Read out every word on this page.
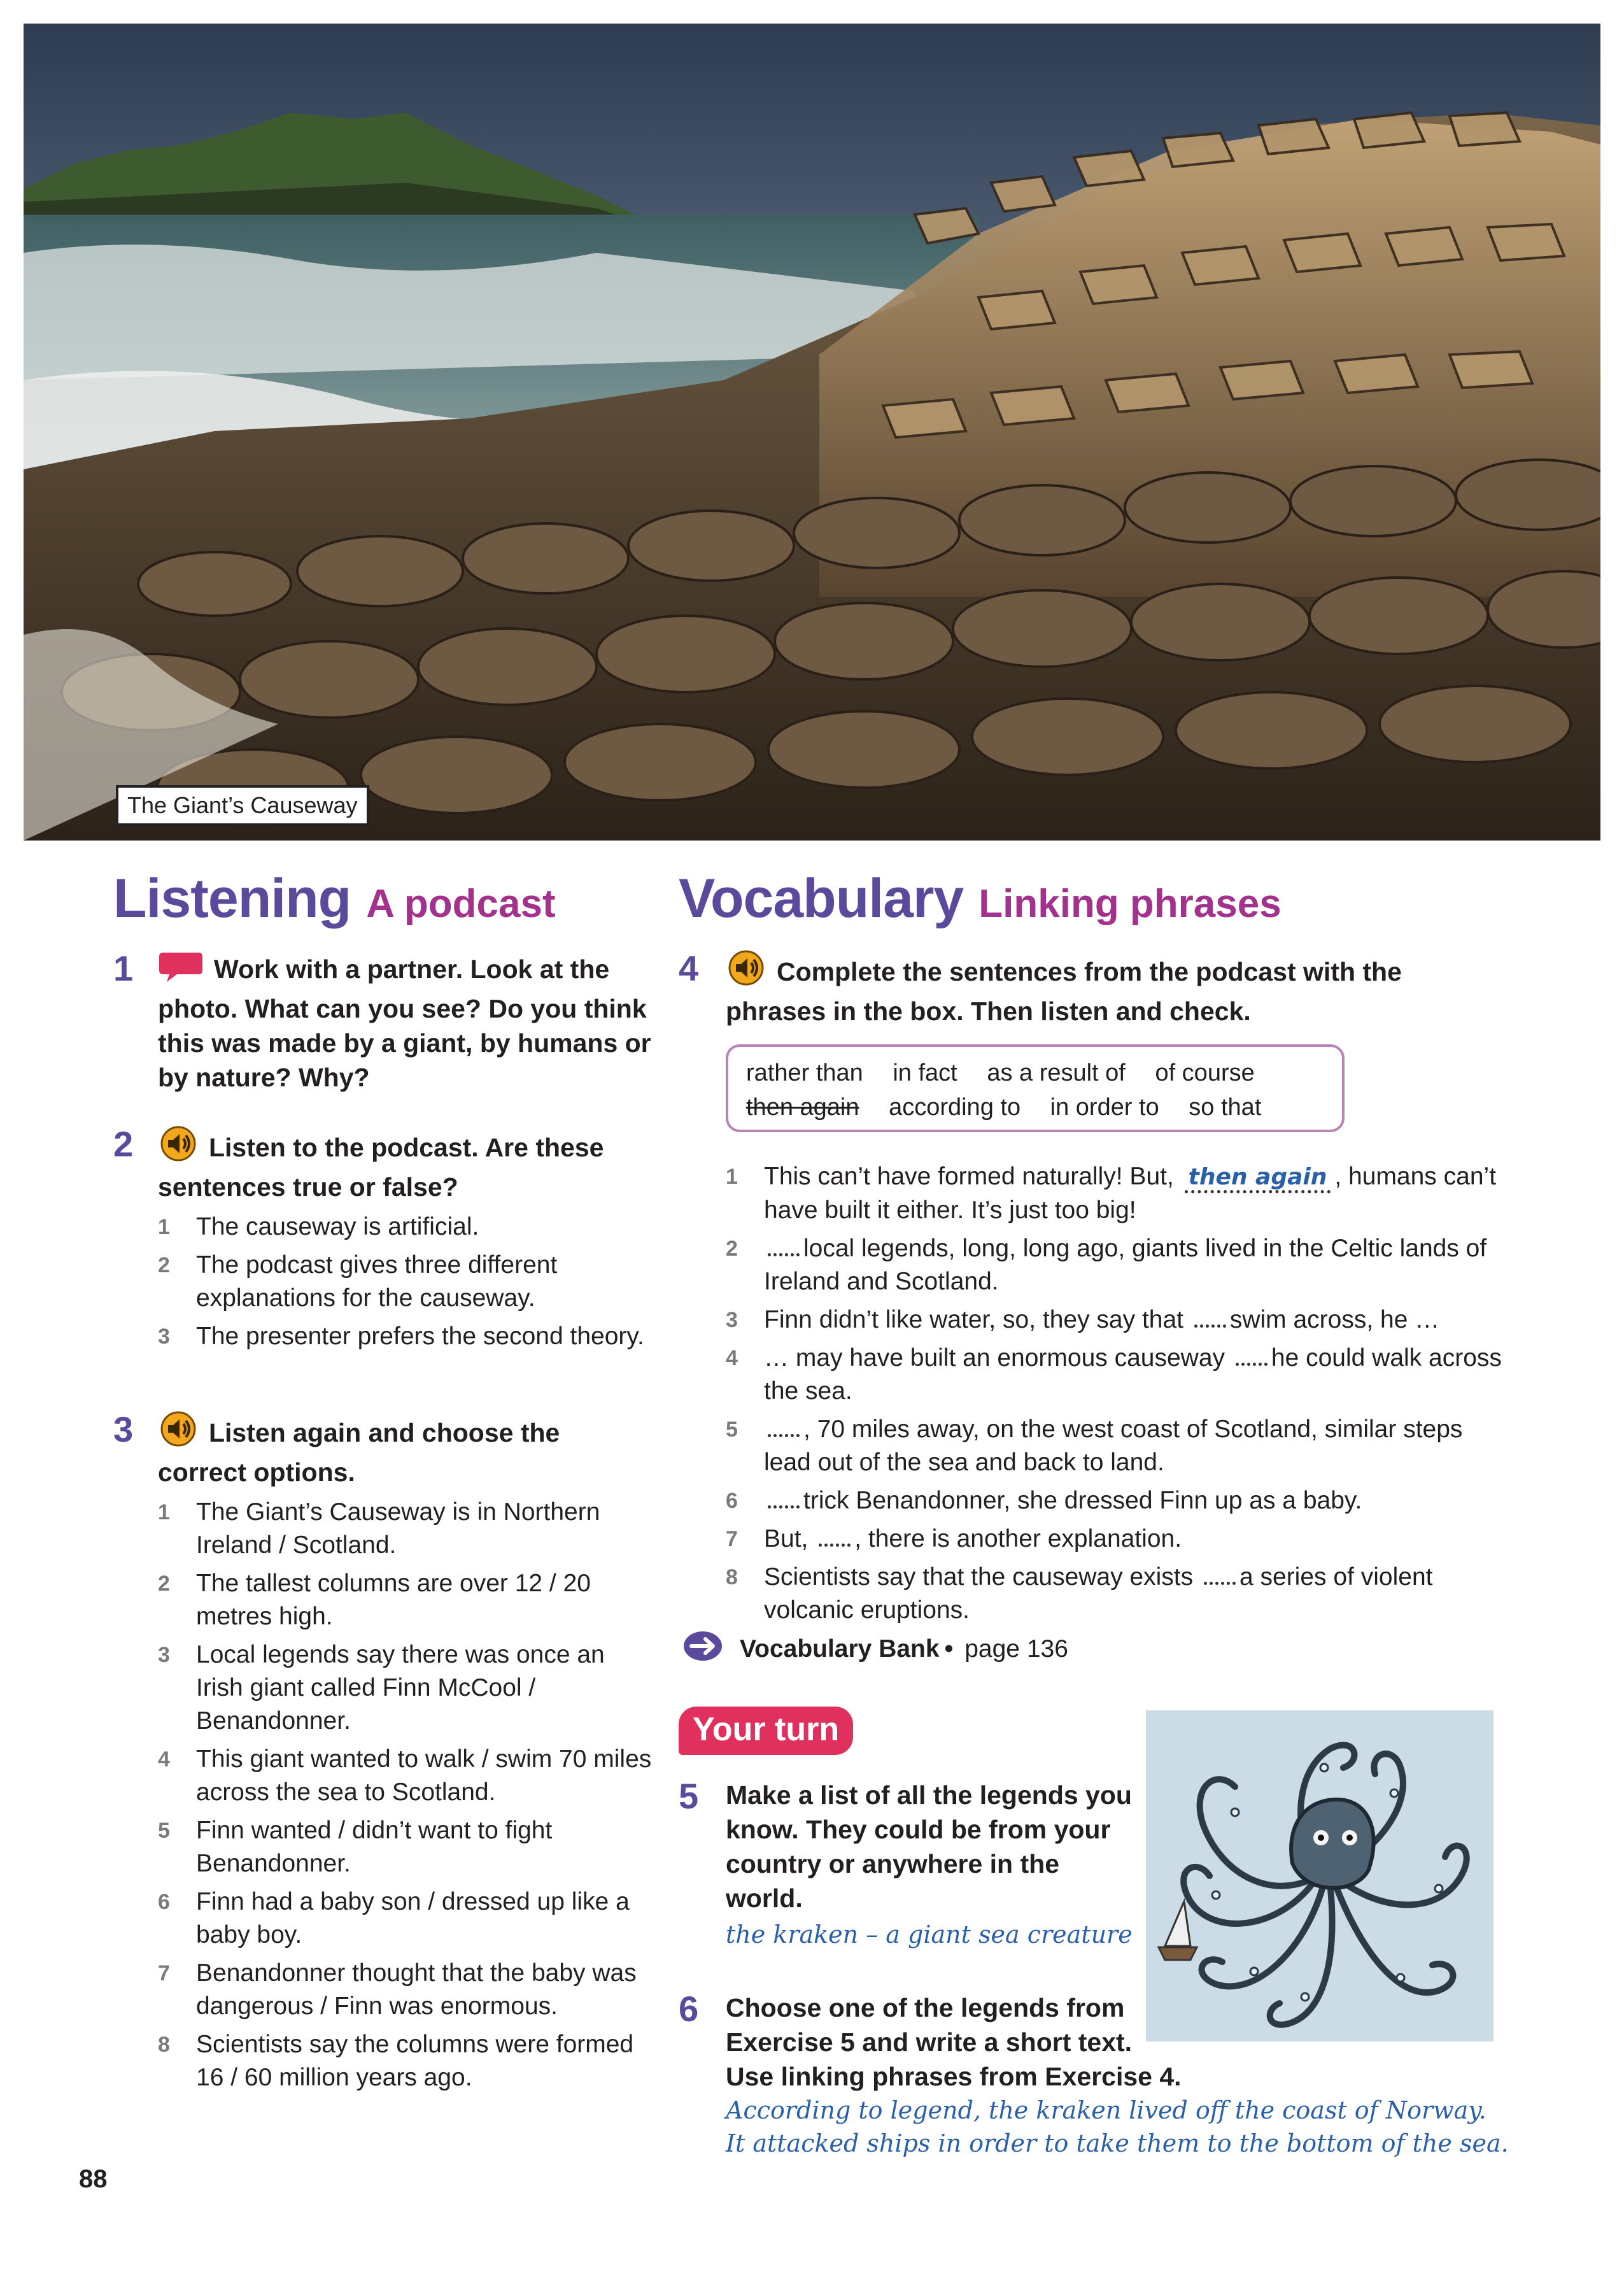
The Giant’s Causeway
Listening A podcast
1	Work with a partner. Look at the photo. What can you see? Do you think this was made by a giant, by humans or by nature? Why?
2	Listen to the podcast. Are these sentences true or false?
1 The causeway is artificial.
2 The podcast gives three different explanations for the causeway.
3 The presenter prefers the second theory.
3	Listen again and choose the correct options.
1 The Giant’s Causeway is in Northern Ireland / Scotland.
2 The tallest columns are over 12 / 20 metres high.
3 Local legends say there was once an Irish giant called Finn McCool / Benandonner.
4 This giant wanted to walk / swim 70 miles across the sea to Scotland.
5 Finn wanted / didn’t want to fight Benandonner.
6 Finn had a baby son / dressed up like a baby boy.
7 Benandonner thought that the baby was dangerous / Finn was enormous.
8 Scientists say the columns were formed 16 / 60 million years ago.
Vocabulary Linking phrases
4	Complete the sentences from the podcast with the phrases in the box. Then listen and check.
rather than in fact as a result of of course
then again according to in order to so that
1 This can’t have formed naturally! But, then again , humans can’t have built it either. It’s just too big!
2	local legends, long, long ago, giants lived in the Celtic lands of Ireland and Scotland.
3 Finn didn’t like water, so, they say that swim across, he …
4 … may have built an enormous causeway he could walk across the sea.
5	, 70 miles away, on the west coast of Scotland, similar steps lead out of the sea and back to land.
6	trick Benandonner, she dressed Finn up as a baby.
7 But, , there is another explanation.
8 Scientists say that the causeway exists a series of violent volcanic eruptions.
Vocabulary Bank • page 136
Your turn
5	Make a list of all the legends you know. They could be from your country or anywhere in the world.
the kraken – a giant sea creature
6	Choose one of the legends from Exercise 5 and write a short text. Use linking phrases from Exercise 4.
According to legend, the kraken lived off the coast of Norway.
It attacked ships in order to take them to the bottom of the sea.
88
